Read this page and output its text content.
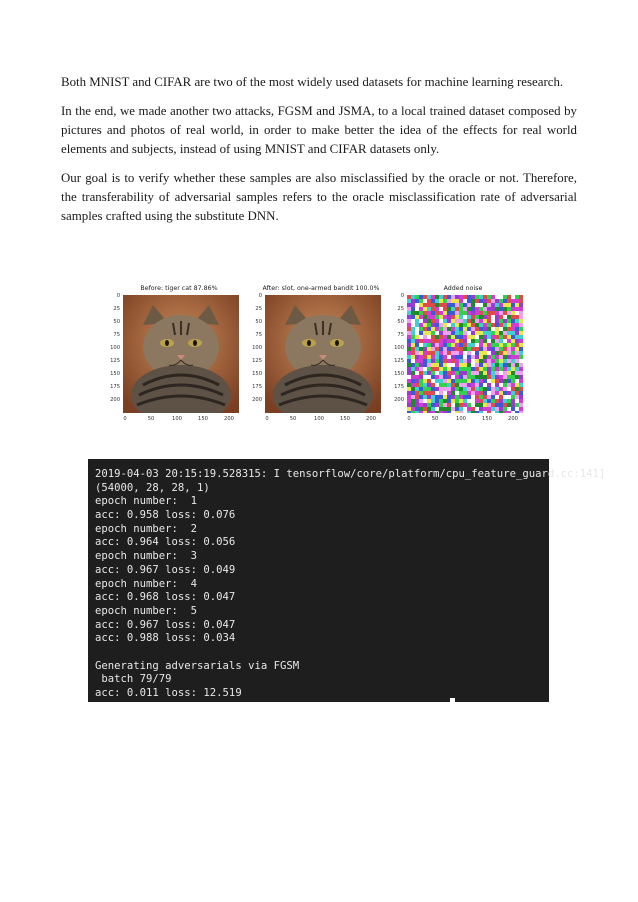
Both MNIST and CIFAR are two of the most widely used datasets for machine learning research.

In the end, we made another two attacks, FGSM and JSMA, to a local trained dataset composed by pictures and photos of real world, in order to make better the idea of the effects for real world elements and subjects, instead of using MNIST and CIFAR datasets only.

Our goal is to verify whether these samples are also misclassified by the oracle or not. Therefore, the transferability of adversarial samples refers to the oracle misclassification rate of adversarial samples crafted using the substitute DNN.

Before: tiger cat 87.86%
0
25
50
75
100
125
150
175
200
0	50	100	150	200
After: slot, one-armed bandit 100.0%
0
25
50
75
100
125
150
175
200
0	50	100	150	200
Added noise
0
25
50
75
100
125
150
175
200
0	50	100	150	200
2019-04-03 20:15:19.528315: I tensorflow/core/platform/cpu_feature_guard.cc:141]
(54000, 28, 28, 1)
epoch number:  1
acc: 0.958 loss: 0.076
epoch number:  2
acc: 0.964 loss: 0.056
epoch number:  3
acc: 0.967 loss: 0.049
epoch number:  4
acc: 0.968 loss: 0.047
epoch number:  5
acc: 0.967 loss: 0.047
acc: 0.988 loss: 0.034
Generating adversarials via FGSM
batch 79/79
acc: 0.011 loss: 12.519
